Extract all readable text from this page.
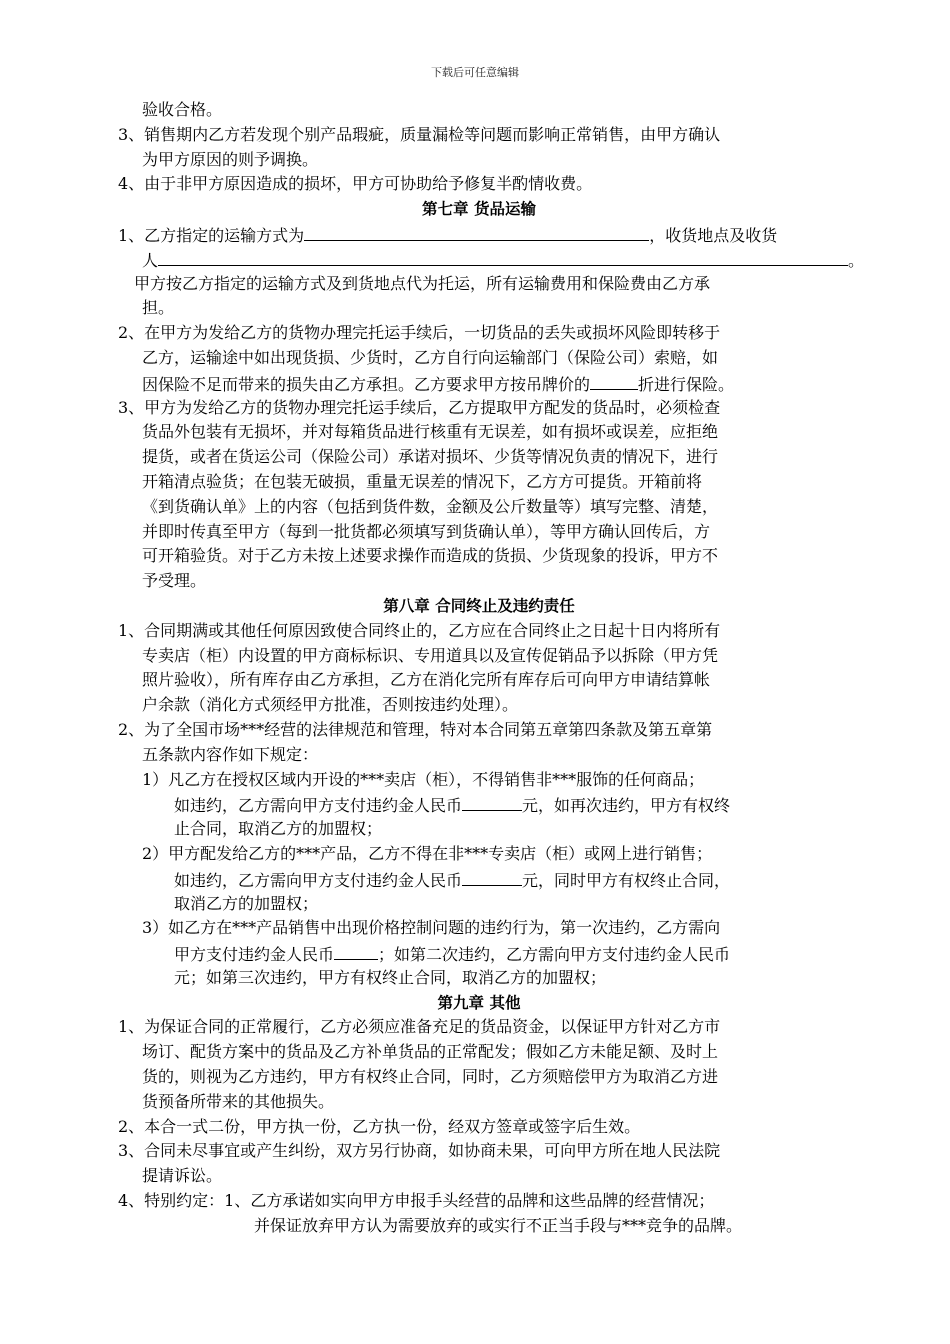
下载后可任意编辑
验收合格。
3、销售期内乙方若发现个别产品瑕疵，质量漏检等问题而影响正常销售，由甲方确认
为甲方原因的则予调换。
4、由于非甲方原因造成的损坏，甲方可协助给予修复半酌情收费。
第七章 货品运输
1、乙方指定的运输方式为	，收货地点及收货
人	。
甲方按乙方指定的运输方式及到货地点代为托运，所有运输费用和保险费由乙方承
担。
2、在甲方为发给乙方的货物办理完托运手续后，一切货品的丢失或损坏风险即转移于
乙方，运输途中如出现货损、少货时，乙方自行向运输部门（保险公司）索赔，如
因保险不足而带来的损失由乙方承担。乙方要求甲方按吊牌价的	折进行保险。
3、甲方为发给乙方的货物办理完托运手续后，乙方提取甲方配发的货品时，必须检查
货品外包装有无损坏，并对每箱货品进行核重有无误差，如有损坏或误差，应拒绝
提货，或者在货运公司（保险公司）承诺对损坏、少货等情况负责的情况下，进行
开箱清点验货；在包装无破损，重量无误差的情况下，乙方方可提货。开箱前将
《到货确认单》上的内容（包括到货件数，金额及公斤数量等）填写完整、清楚，
并即时传真至甲方（每到一批货都必须填写到货确认单），等甲方确认回传后，方
可开箱验货。对于乙方未按上述要求操作而造成的货损、少货现象的投诉，甲方不
予受理。
第八章 合同终止及违约责任
1、合同期满或其他任何原因致使合同终止的，乙方应在合同终止之日起十日内将所有
专卖店（柜）内设置的甲方商标标识、专用道具以及宣传促销品予以拆除（甲方凭
照片验收），所有库存由乙方承担，乙方在消化完所有库存后可向甲方申请结算帐
户余款（消化方式须经甲方批准，否则按违约处理）。
2、为了全国市场***经营的法律规范和管理，特对本合同第五章第四条款及第五章第
五条款内容作如下规定：
1）凡乙方在授权区域内开设的***卖店（柜），不得销售非***服饰的任何商品；
如违约，乙方需向甲方支付违约金人民币	元，如再次违约，甲方有权终
止合同，取消乙方的加盟权；
2）甲方配发给乙方的***产品，乙方不得在非***专卖店（柜）或网上进行销售；
如违约，乙方需向甲方支付违约金人民币	元，同时甲方有权终止合同，
取消乙方的加盟权；
3）如乙方在***产品销售中出现价格控制问题的违约行为，第一次违约，乙方需向
甲方支付违约金人民币	；如第二次违约，乙方需向甲方支付违约金人民币
元；如第三次违约，甲方有权终止合同，取消乙方的加盟权；
第九章 其他
1、为保证合同的正常履行，乙方必须应准备充足的货品资金，以保证甲方针对乙方市
场订、配货方案中的货品及乙方补单货品的正常配发；假如乙方未能足额、及时上
货的，则视为乙方违约，甲方有权终止合同，同时，乙方须赔偿甲方为取消乙方进
货预备所带来的其他损失。
2、本合一式二份，甲方执一份，乙方执一份，经双方签章或签字后生效。
3、合同未尽事宜或产生纠纷，双方另行协商，如协商未果，可向甲方所在地人民法院
提请诉讼。
4、特别约定：1、乙方承诺如实向甲方申报手头经营的品牌和这些品牌的经营情况；
并保证放弃甲方认为需要放弃的或实行不正当手段与***竞争的品牌。
